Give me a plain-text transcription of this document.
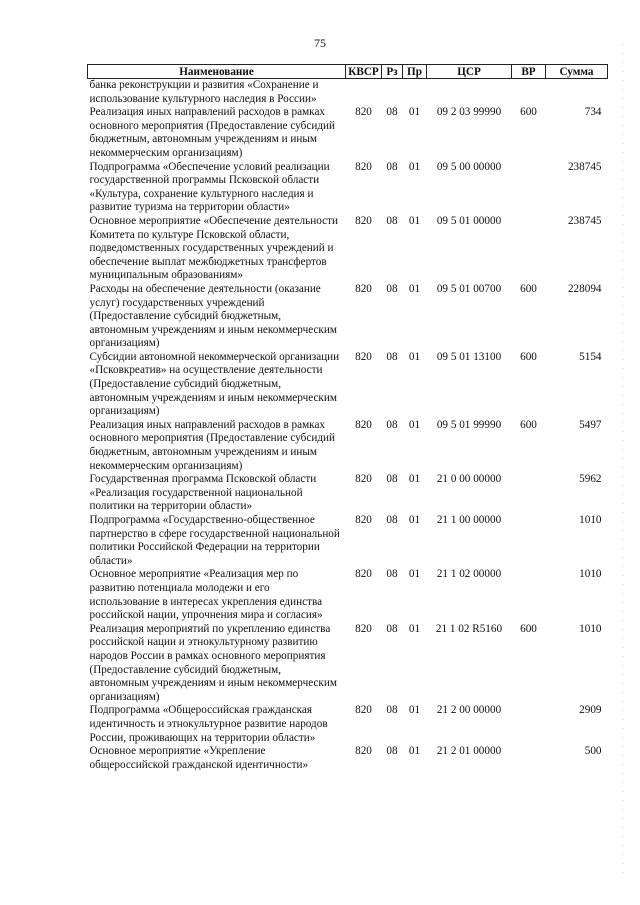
75
Наименование	КВСР	Рз	Пр	ЦСР	ВР	Сумма
банка реконструкции и развития «Сохранение и использование культурного наследия в России»						
Реализация иных направлений расходов в рамках основного мероприятия (Предоставление субсидий бюджетным, автономным учреждениям и иным некоммерческим организациям)	820	08	01	09 2 03 99990	600	734
Подпрограмма «Обеспечение условий реализации государственной программы Псковской области «Культура, сохранение культурного наследия и развитие туризма на территории области»	820	08	01	09 5 00 00000		238745
Основное мероприятие «Обеспечение деятельности Комитета по культуре Псковской области, подведомственных государственных учреждений и обеспечение выплат межбюджетных трансфертов муниципальным образованиям»	820	08	01	09 5 01 00000		238745
Расходы на обеспечение деятельности (оказание услуг) государственных учреждений (Предоставление субсидий бюджетным, автономным учреждениям и иным некоммерческим организациям)	820	08	01	09 5 01 00700	600	228094
Субсидии автономной некоммерческой организации «Псковкреатив» на осуществление деятельности (Предоставление субсидий бюджетным, автономным учреждениям и иным некоммерческим организациям)	820	08	01	09 5 01 13100	600	5154
Реализация иных направлений расходов в рамках основного мероприятия (Предоставление субсидий бюджетным, автономным учреждениям и иным некоммерческим организациям)	820	08	01	09 5 01 99990	600	5497
Государственная программа Псковской области «Реализация государственной национальной политики на территории области»	820	08	01	21 0 00 00000		5962
Подпрограмма «Государственно-общественное партнерство в сфере государственной национальной политики Российской Федерации на территории области»	820	08	01	21 1 00 00000		1010
Основное мероприятие «Реализация мер по развитию потенциала молодежи и его использование в интересах укрепления единства российской нации, упрочнения мира и согласия»	820	08	01	21 1 02 00000		1010
Реализация мероприятий по укреплению единства российской нации и этнокультурному развитию народов России в рамках основного мероприятия (Предоставление субсидий бюджетным, автономным учреждениям и иным некоммерческим организациям)	820	08	01	21 1 02 R5160	600	1010
Подпрограмма «Общероссийская гражданская идентичность и этнокультурное развитие народов России, проживающих на территории области»	820	08	01	21 2 00 00000		2909
Основное мероприятие «Укрепление общероссийской гражданской идентичности»	820	08	01	21 2 01 00000		500
